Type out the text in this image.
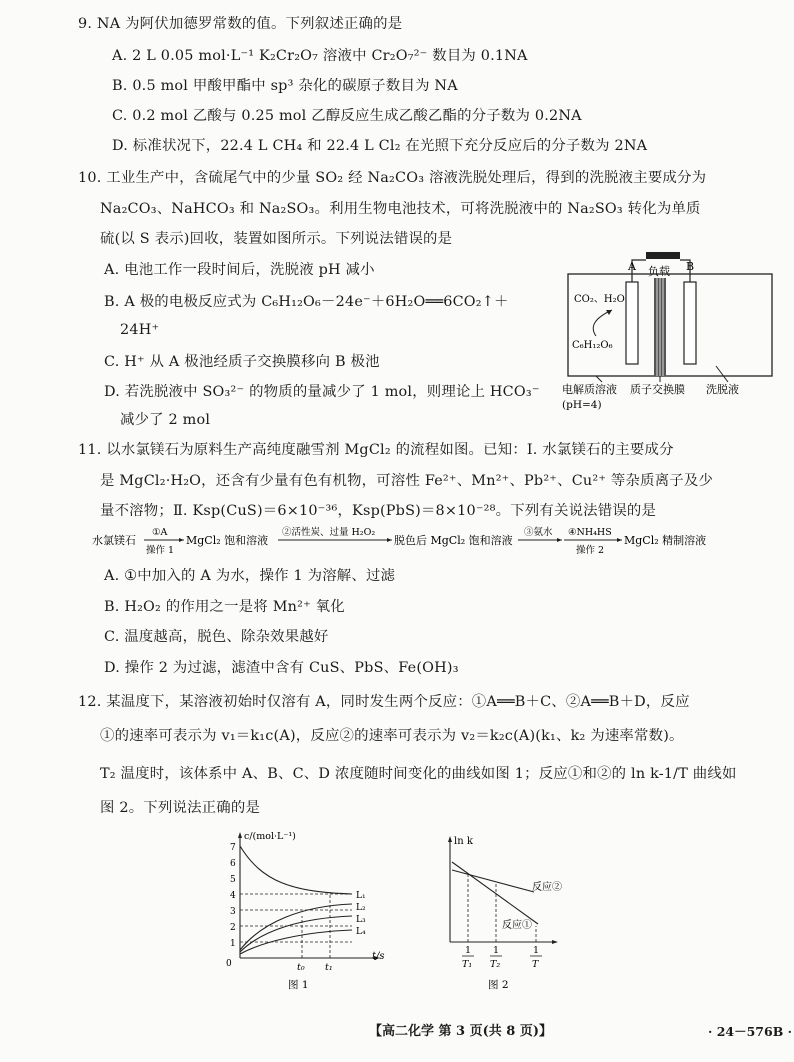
9. NA 为阿伏加德罗常数的值。下列叙述正确的是
A. 2 L 0.05 mol·L⁻¹ K₂Cr₂O₇ 溶液中 Cr₂O₇²⁻ 数目为 0.1NA
B. 0.5 mol 甲酸甲酯中 sp³ 杂化的碳原子数目为 NA
C. 0.2 mol 乙酸与 0.25 mol 乙醇反应生成乙酸乙酯的分子数为 0.2NA
D. 标准状况下，22.4 L CH₄ 和 22.4 L Cl₂ 在光照下充分反应后的分子数为 2NA
10. 工业生产中，含硫尾气中的少量 SO₂ 经 Na₂CO₃ 溶液洗脱处理后，得到的洗脱液主要成分为
Na₂CO₃、NaHCO₃ 和 Na₂SO₃。利用生物电池技术，可将洗脱液中的 Na₂SO₃ 转化为单质
硫(以 S 表示)回收，装置如图所示。下列说法错误的是
A. 电池工作一段时间后，洗脱液 pH 减小
B. A 极的电极反应式为 C₆H₁₂O₆－24e⁻＋6H₂O══6CO₂↑＋
24H⁺
C. H⁺ 从 A 极池经质子交换膜移向 B 极池
D. 若洗脱液中 SO₃²⁻ 的物质的量减少了 1 mol，则理论上 HCO₃⁻
减少了 2 mol
A	B
负载
CO₂、H₂O
C₆H₁₂O₆
电解质溶液
(pH=4)
质子交换膜 洗脱液
11. 以水氯镁石为原料生产高纯度融雪剂 MgCl₂ 的流程如图。已知：Ⅰ. 水氯镁石的主要成分
是 MgCl₂·H₂O，还含有少量有色有机物，可溶性 Fe²⁺、Mn²⁺、Pb²⁺、Cu²⁺ 等杂质离子及少
量不溶物；Ⅱ. Ksp(CuS)＝6×10⁻³⁶，Ksp(PbS)＝8×10⁻²⁸。下列有关说法错误的是
水氯镁石
①A
操作 1
MgCl₂ 饱和溶液
②活性炭、过量 H₂O₂
脱色后 MgCl₂ 饱和溶液
③氨水 ④NH₄HS
操作 2
MgCl₂ 精制溶液
A. ①中加入的 A 为水，操作 1 为溶解、过滤
B. H₂O₂ 的作用之一是将 Mn²⁺ 氧化
C. 温度越高，脱色、除杂效果越好
D. 操作 2 为过滤，滤渣中含有 CuS、PbS、Fe(OH)₃
12. 某温度下，某溶液初始时仅溶有 A，同时发生两个反应：①A══B＋C、②A══B＋D，反应
①的速率可表示为 v₁＝k₁c(A)，反应②的速率可表示为 v₂＝k₂c(A)(k₁、k₂ 为速率常数)。
T₂ 温度时，该体系中 A、B、C、D 浓度随时间变化的曲线如图 1；反应①和②的 ln k-1/T 曲线如
图 2。下列说法正确的是
c/(mol·L⁻¹)
t/s
0
1
2
3
4
5
6
7
L₁
L₂
L₃
L₄
t₀ t₁
图 1
ln k
反应②
反应①
1
T₁
1
T₂
1
T
图 2
【高二化学 第 3 页(共 8 页)】	· 24－576B ·
